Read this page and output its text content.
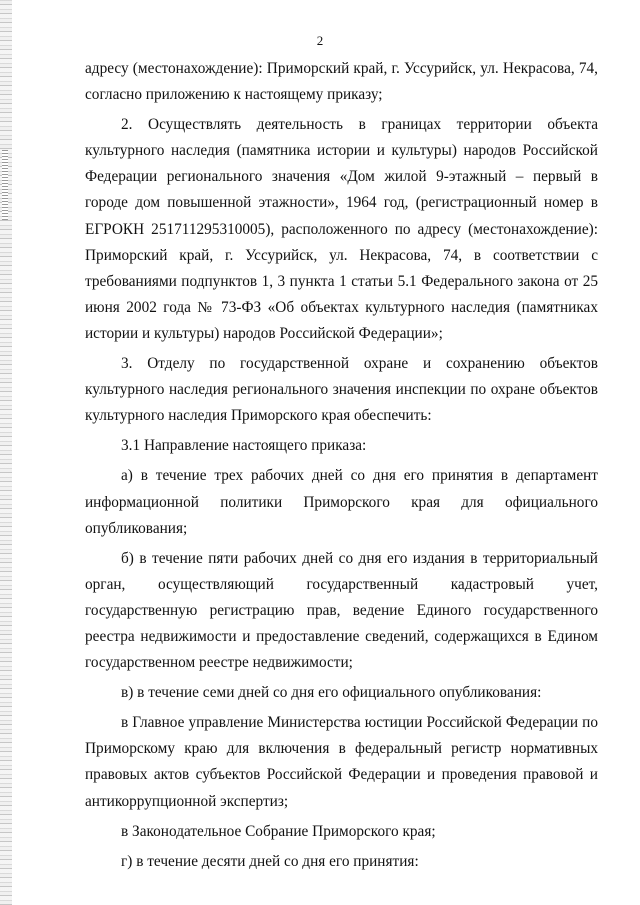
2

адресу (местонахождение): Приморский край, г. Уссурийск, ул. Некрасова, 74, согласно приложению к настоящему приказу;

2. Осуществлять деятельность в границах территории объекта культурного наследия (памятника истории и культуры) народов Российской Федерации регионального значения «Дом жилой 9-этажный – первый в городе дом повышенной этажности», 1964 год, (регистрационный номер в ЕГРОКН 251711295310005), расположенного по адресу (местонахождение): Приморский край, г. Уссурийск, ул. Некрасова, 74, в соответствии с требованиями подпунктов 1, 3 пункта 1 статьи 5.1 Федерального закона от 25 июня 2002 года № 73-ФЗ «Об объектах культурного наследия (памятниках истории и культуры) народов Российской Федерации»;

3. Отделу по государственной охране и сохранению объектов культурного наследия регионального значения инспекции по охране объектов культурного наследия Приморского края обеспечить:

3.1 Направление настоящего приказа:

а) в течение трех рабочих дней со дня его принятия в департамент информационной политики Приморского края для официального опубликования;

б) в течение пяти рабочих дней со дня его издания в территориальный орган, осуществляющий государственный кадастровый учет, государственную регистрацию прав, ведение Единого государственного реестра недвижимости и предоставление сведений, содержащихся в Едином государственном реестре недвижимости;

в) в течение семи дней со дня его официального опубликования:

в Главное управление Министерства юстиции Российской Федерации по Приморскому краю для включения в федеральный регистр нормативных правовых актов субъектов Российской Федерации и проведения правовой и антикоррупционной экспертиз;

в Законодательное Собрание Приморского края;

г) в течение десяти дней со дня его принятия:
